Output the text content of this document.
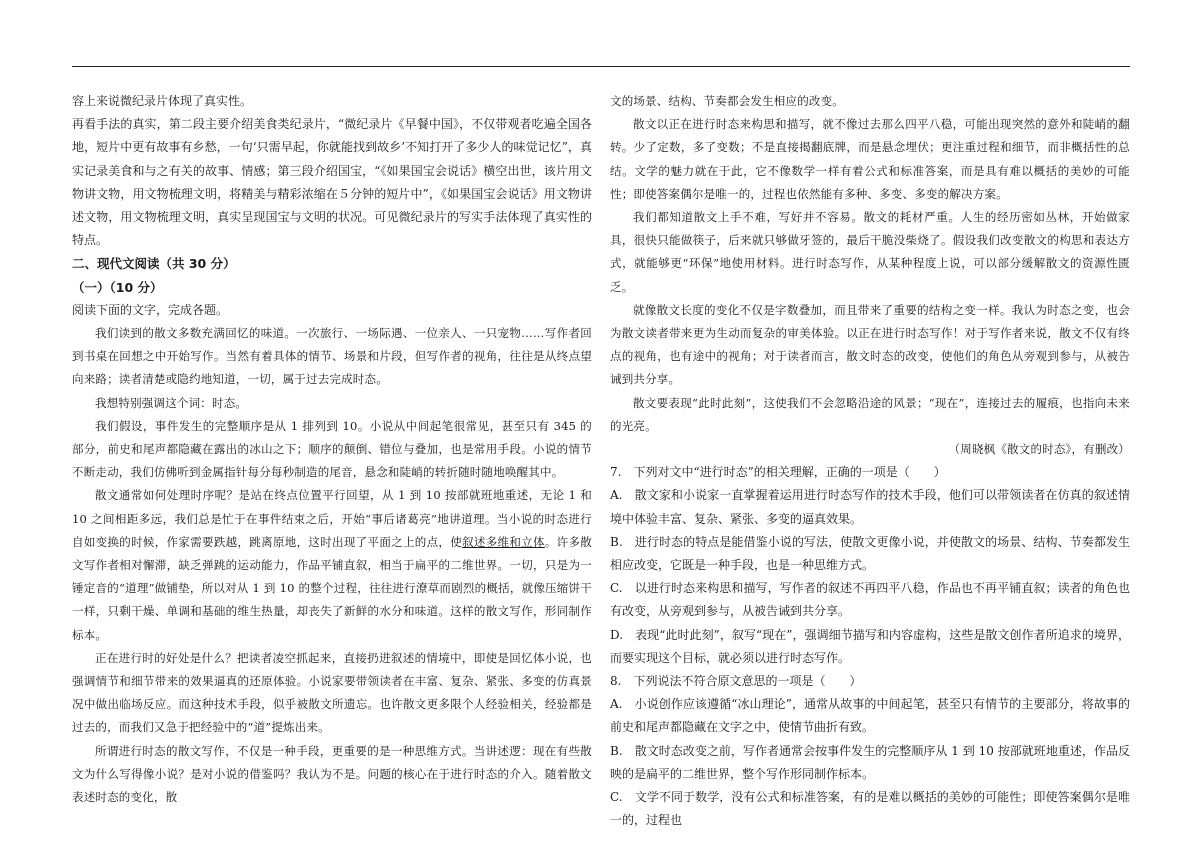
容上来说微纪录片体现了真实性。

再看手法的真实，第二段主要介绍美食类纪录片，“微纪录片《早餐中国》，不仅带观者吃遍全国各地，短片中更有故事有乡愁，一句‘只需早起，你就能找到故乡’不知打开了多少人的味觉记忆”，真实记录美食和与之有关的故事、情感；第三段介绍国宝，“《如果国宝会说话》横空出世，该片用文物讲文物，用文物梳理文明，将精美与精彩浓缩在５分钟的短片中”，《如果国宝会说话》用文物讲述文物，用文物梳理文明，真实呈现国宝与文明的状况。可见微纪录片的写实手法体现了真实性的特点。

二、现代文阅读（共 30 分）

（一）（10 分）

阅读下面的文字，完成各题。

我们读到的散文多数充满回忆的味道。一次旅行、一场际遇、一位亲人、一只宠物……写作者回到书桌在回想之中开始写作。当然有着具体的情节、场景和片段，但写作者的视角，往往是从终点望向来路；读者清楚或隐约地知道，一切，属于过去完成时态。

我想特别强调这个词：时态。

我们假设，事件发生的完整顺序是从 1 排列到 10。小说从中间起笔很常见，甚至只有 345 的部分，前史和尾声都隐藏在露出的冰山之下；顺序的颠倒、错位与叠加，也是常用手段。小说的情节不断走动，我们仿佛听到金属指针每分每秒制造的尾音，悬念和陡峭的转折随时随地唤醒其中。

散文通常如何处理时序呢？是站在终点位置平行回望，从 1 到 10 按部就班地重述，无论 1 和 10 之间相距多远，我们总是忙于在事件结束之后，开始“事后诸葛亮”地讲道理。当小说的时态进行自如变换的时候，作家需要跌越，跳离原地，这时出现了平面之上的点，使叙述多维和立体。许多散文写作者相对懈滞，缺乏弹跳的运动能力，作品平铺直叙，相当于扁平的二维世界。一切，只是为一锤定音的“道理”做铺垫，所以对从 1 到 10 的整个过程，往往进行潦草而剧烈的概括，就像压缩饼干一样，只剩干燥、单调和基础的维生热量，却丧失了新鲜的水分和味道。这样的散文写作，形同制作标本。

正在进行时的好处是什么？把读者凌空抓起来，直接扔进叙述的情境中，即使是回忆体小说，也强调情节和细节带来的效果逼真的还原体验。小说家要带领读者在丰富、复杂、紧张、多变的仿真景况中做出临场反应。而这种技术手段，似乎被散文所遗忘。也许散文更多限个人经验相关，经验都是过去的，而我们又急于把经验中的“道”提炼出来。

所谓进行时态的散文写作，不仅是一种手段，更重要的是一种思维方式。当讲述逻：现在有些散文为什么写得像小说？是对小说的借鉴吗？我认为不是。问题的核心在于进行时态的介入。随着散文表述时态的变化，散

文的场景、结构、节奏都会发生相应的改变。

散文以正在进行时态来构思和描写，就不像过去那么四平八稳，可能出现突然的意外和陡峭的翻转。少了定数，多了变数；不是直接揭翻底牌，而是悬念埋伏；更注重过程和细节，而非概括性的总结。文学的魅力就在于此，它不像数学一样有着公式和标准答案，而是具有难以概括的美妙的可能性；即使答案偶尔是唯一的，过程也依然能有多种、多变、多变的解决方案。

我们都知道散文上手不难，写好并不容易。散文的耗材严重。人生的经历密如丛林，开始做家具，很快只能做筷子，后来就只够做牙签的，最后干脆没柴烧了。假设我们改变散文的构思和表达方式，就能够更“环保”地使用材料。进行时态写作，从某种程度上说，可以部分缓解散文的资源性匮乏。

就像散文长度的变化不仅是字数叠加，而且带来了重要的结构之变一样。我认为时态之变，也会为散文读者带来更为生动而复杂的审美体验。以正在进行时态写作！对于写作者来说，散文不仅有终点的视角，也有途中的视角；对于读者而言，散文时态的改变，使他们的角色从旁观到参与，从被告诫到共分享。

散文要表现“此时此刻”，这使我们不会忽略沿途的风景；“现在”，连接过去的履痕，也指向未来的光亮。

（周晓枫《散文的时态》，有删改）

7.　下列对文中“进行时态”的相关理解，正确的一项是（　　）

A.　散文家和小说家一直掌握着运用进行时态写作的技术手段，他们可以带领读者在仿真的叙述情境中体验丰富、复杂、紧张、多变的逼真效果。

B.　进行时态的特点是能借鉴小说的写法，使散文更像小说，并使散文的场景、结构、节奏都发生相应改变，它既是一种手段，也是一种思维方式。

C.　以进行时态来构思和描写，写作者的叙述不再四平八稳，作品也不再平铺直叙；读者的角色也有改变，从旁观到参与，从被告诫到共分享。

D.　表现“此时此刻”，叙写“现在”，强调细节描写和内容虚构，这些是散文创作者所追求的境界，而要实现这个目标，就必须以进行时态写作。

8.　下列说法不符合原文意思的一项是（　　）

A.　小说创作应该遵循“冰山理论”，通常从故事的中间起笔，甚至只有情节的主要部分，将故事的前史和尾声都隐藏在文字之中，使情节曲折有致。

B.　散文时态改变之前，写作者通常会按事件发生的完整顺序从 1 到 10 按部就班地重述，作品反映的是扁平的二维世界，整个写作形同制作标本。

C.　文学不同于数学，没有公式和标准答案，有的是难以概括的美妙的可能性；即使答案偶尔是唯一的，过程也
